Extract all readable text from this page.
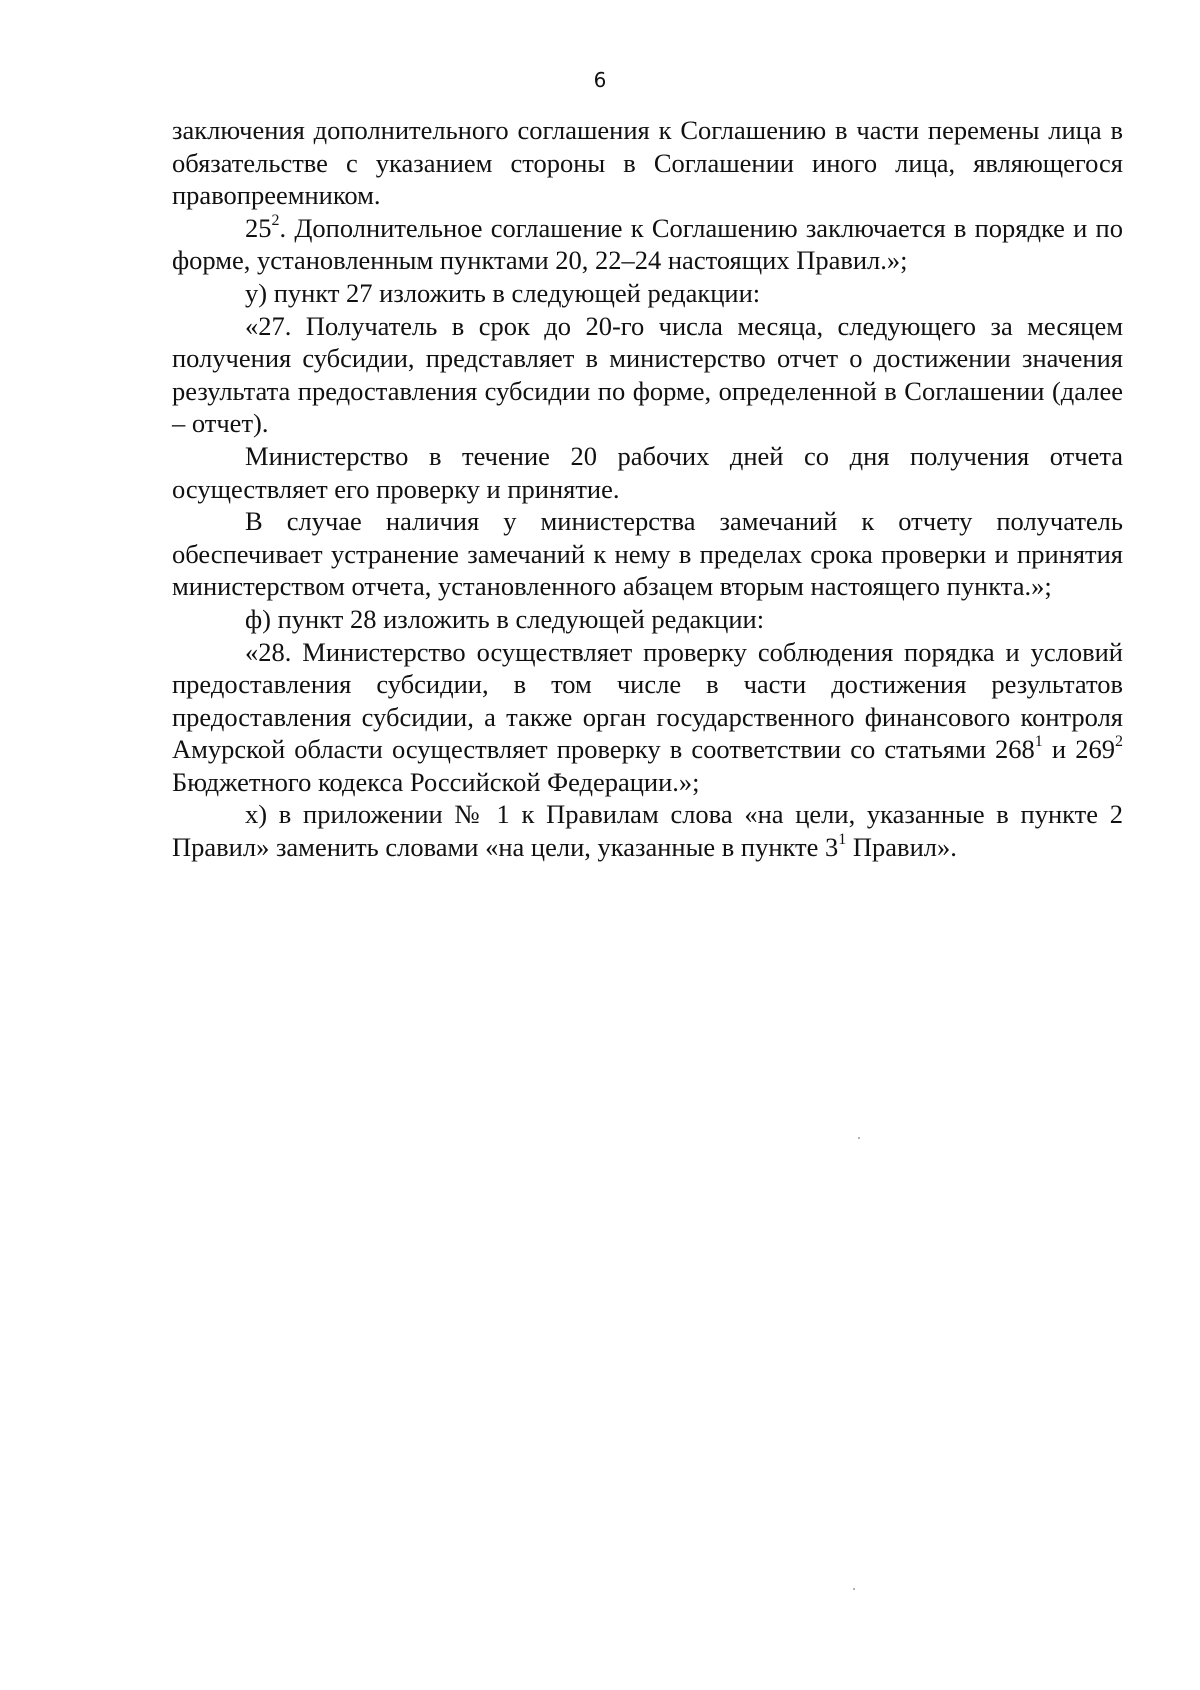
6

заключения дополнительного соглашения к Соглашению в части перемены лица в обязательстве с указанием стороны в Соглашении иного лица, являющегося правопреемником.

$25^2$. Дополнительное соглашение к Соглашению заключается в порядке и по форме, установленным пунктами 20, 22–24 настоящих Правил.»;

у) пункт 27 изложить в следующей редакции:

«27. Получатель в срок до 20-го числа месяца, следующего за месяцем получения субсидии, представляет в министерство отчет о достижении значения результата предоставления субсидии по форме, определенной в Соглашении (далее – отчет).

Министерство в течение 20 рабочих дней со дня получения отчета осуществляет его проверку и принятие.

В случае наличия у министерства замечаний к отчету получатель обеспечивает устранение замечаний к нему в пределах срока проверки и принятия министерством отчета, установленного абзацем вторым настоящего пункта.»;

ф) пункт 28 изложить в следующей редакции:

«28. Министерство осуществляет проверку соблюдения порядка и условий предоставления субсидии, в том числе в части достижения результатов предоставления субсидии, а также орган государственного финансового контроля Амурской области осуществляет проверку в соответствии со статьями $268^1$ и $269^2$ Бюджетного кодекса Российской Федерации.»;

х) в приложении № 1 к Правилам слова «на цели, указанные в пункте 2 Правил» заменить словами «на цели, указанные в пункте $3^1$ Правил».
